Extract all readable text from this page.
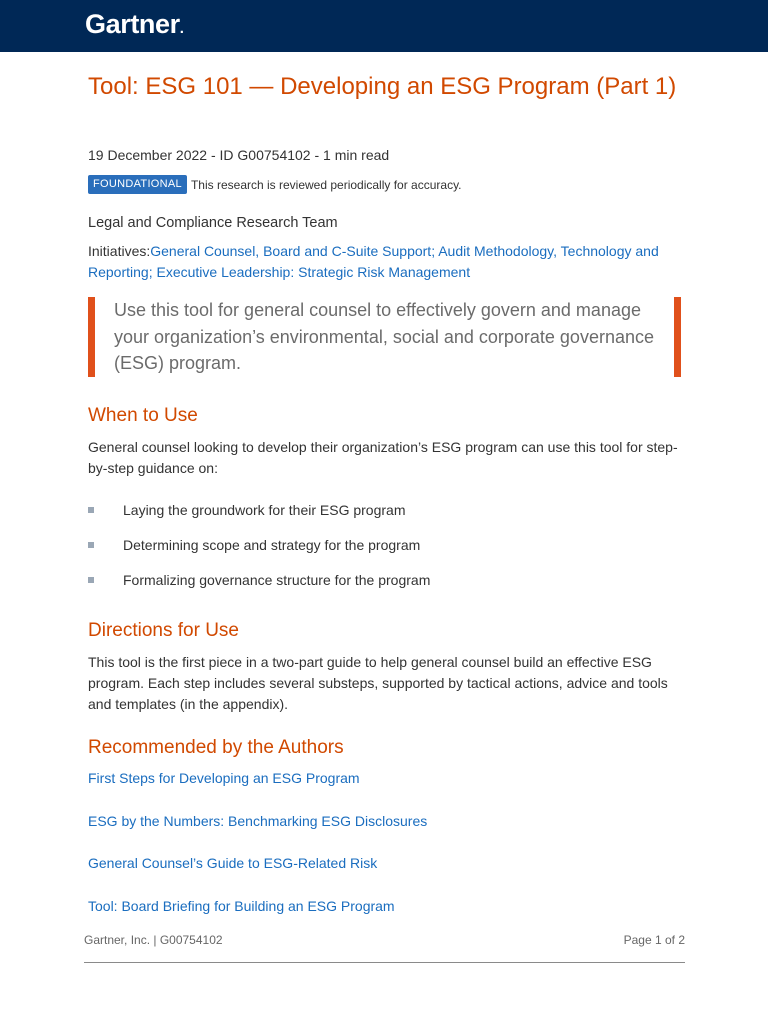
Gartner.
Tool: ESG 101 — Developing an ESG Program (Part 1)
19 December 2022 - ID G00754102 - 1 min read
FOUNDATIONAL This research is reviewed periodically for accuracy.
Legal and Compliance Research Team
Initiatives:General Counsel, Board and C-Suite Support; Audit Methodology, Technology and Reporting; Executive Leadership: Strategic Risk Management
Use this tool for general counsel to effectively govern and manage your organization’s environmental, social and corporate governance (ESG) program.
When to Use

General counsel looking to develop their organization’s ESG program can use this tool for step-by-step guidance on:

Laying the groundwork for their ESG program
Determining scope and strategy for the program
Formalizing governance structure for the program
Directions for Use

This tool is the first piece in a two-part guide to help general counsel build an effective ESG program. Each step includes several substeps, supported by tactical actions, advice and tools and templates (in the appendix).

Recommended by the Authors
First Steps for Developing an ESG Program
ESG by the Numbers: Benchmarking ESG Disclosures
General Counsel’s Guide to ESG-Related Risk
Tool: Board Briefing for Building an ESG Program
Gartner, Inc. | G00754102	Page 1 of 2
